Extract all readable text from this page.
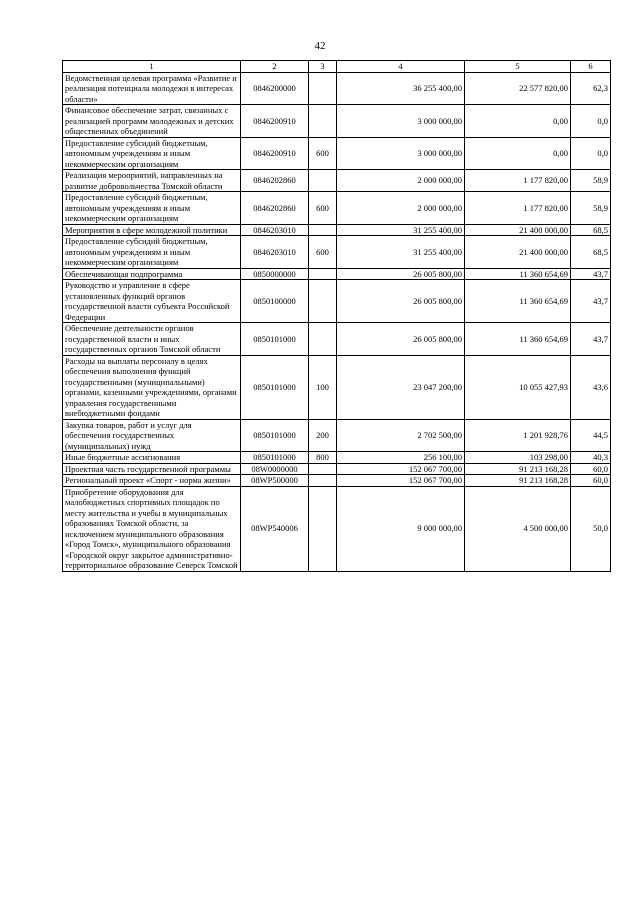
42
1	2	3	4	5	6
Ведомственная целевая программа «Развитие и реализация потенциала молодежи в интересах области»	0846200000		36 255 400,00	22 577 820,00	62,3
Финансовое обеспечение затрат, связанных с реализацией программ молодежных и детских общественных объединений	0846200910		3 000 000,00	0,00	0,0
Предоставление субсидий бюджетным, автономным учреждениям и иным некоммерческим организациям	0846200910	600	3 000 000,00	0,00	0,0
Реализация мероприятий, направленных на развитие добровольчества Томской области	0846202860		2 000 000,00	1 177 820,00	58,9
Предоставление субсидий бюджетным, автономным учреждениям и иным некоммерческим организациям	0846202860	600	2 000 000,00	1 177 820,00	58,9
Мероприятия в сфере молодежной политики	0846203010		31 255 400,00	21 400 000,00	68,5
Предоставление субсидий бюджетным, автономным учреждениям и иным некоммерческим организациям	0846203010	600	31 255 400,00	21 400 000,00	68,5
Обеспечивающая подпрограмма	0850000000		26 005 800,00	11 360 654,69	43,7
Руководство и управление в сфере установленных функций органов государственной власти субъекта Российской Федерации	0850100000		26 005 800,00	11 360 654,69	43,7
Обеспечение деятельности органов государственной власти и иных государственных органов Томской области	0850101000		26 005 800,00	11 360 654,69	43,7
Расходы на выплаты персоналу в целях обеспечения выполнения функций государственными (муниципальными) органами, казенными учреждениями, органами управления государственными внебюджетными фондами	0850101000	100	23 047 200,00	10 055 427,93	43,6
Закупка товаров, работ и услуг для обеспечения государственных (муниципальных) нужд	0850101000	200	2 702 500,00	1 201 928,76	44,5
Иные бюджетные ассигнования	0850101000	800	256 100,00	103 298,00	40,3
Проектная часть государственной программы	08W0000000		152 067 700,00	91 213 168,28	60,0
Региональный проект «Спорт - норма жизни»	08WP500000		152 067 700,00	91 213 168,28	60,0
Приобретение оборудования для малобюджетных спортивных площадок по месту жительства и учебы в муниципальных образованиях Томской области, за исключением муниципального образования «Город Томск», муниципального образования «Городской округ закрытое административно-территориальное образование Северск Томской	08WP540006		9 000 000,00	4 500 000,00	50,0
